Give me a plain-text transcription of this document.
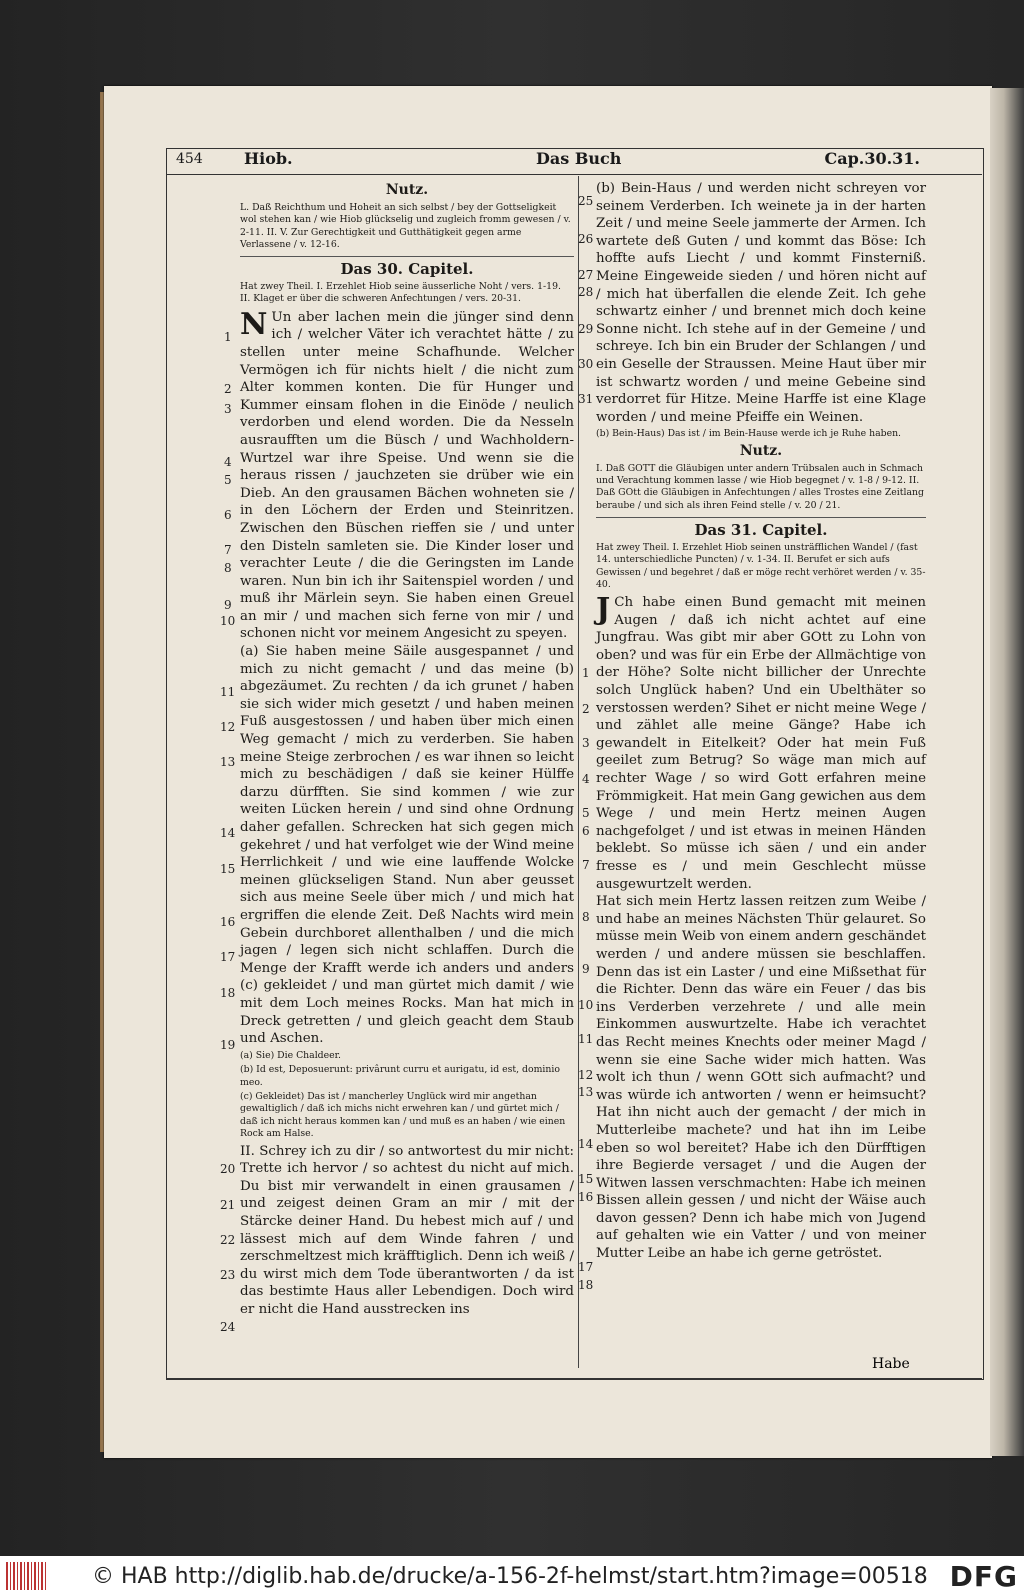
454	Hiob.	Das Buch	Cap.30.31.
1
2
3
4
5
6
7
8
9
10
11
12
13
14
15
16
17
18
19
20
21
22
23
24
25
26
27
28
29
30
31
1
2
3
4
5
6
7
8
9
10
11
12
13
14
15
16
17
18
Nutz.

L. Daß Reichthum und Hoheit an sich selbst / bey der Gottseligkeit wol stehen kan / wie Hiob glückselig und zugleich fromm gewesen / v. 2-11. II. V. Zur Gerechtigkeit und Gutthätigkeit gegen arme Verlassene / v. 12-16.

Das 30. Capitel.

Hat zwey Theil. I. Erzehlet Hiob seine äusserliche Noht / vers. 1-19. II. Klaget er über die schweren Anfechtungen / vers. 20-31.

N Un aber lachen mein die jünger sind denn ich / welcher Väter ich verachtet hätte / zu stellen unter meine Schafhunde. Welcher Vermögen ich für nichts hielt / die nicht zum Alter kommen konten. Die für Hunger und Kummer einsam flohen in die Einöde / neulich verdorben und elend worden. Die da Nesseln ausraufften um die Büsch / und Wachholdern-Wurtzel war ihre Speise. Und wenn sie die heraus rissen / jauchzeten sie drüber wie ein Dieb. An den grausamen Bächen wohneten sie / in den Löchern der Erden und Steinritzen. Zwischen den Büschen rieffen sie / und unter den Disteln samleten sie. Die Kinder loser und verachter Leute / die die Geringsten im Lande waren. Nun bin ich ihr Saitenspiel worden / und muß ihr Märlein seyn. Sie haben einen Greuel an mir / und machen sich ferne von mir / und schonen nicht vor meinem Angesicht zu speyen.

(a) Sie haben meine Säile ausgespannet / und mich zu nicht gemacht / und das meine (b) abgezäumet. Zu rechten / da ich grunet / haben sie sich wider mich gesetzt / und haben meinen Fuß ausgestossen / und haben über mich einen Weg gemacht / mich zu verderben. Sie haben meine Steige zerbrochen / es war ihnen so leicht mich zu beschädigen / daß sie keiner Hülffe darzu dürfften. Sie sind kommen / wie zur weiten Lücken herein / und sind ohne Ordnung daher gefallen. Schrecken hat sich gegen mich gekehret / und hat verfolget wie der Wind meine Herrlichkeit / und wie eine lauffende Wolcke meinen glückseligen Stand. Nun aber geusset sich aus meine Seele über mich / und mich hat ergriffen die elende Zeit. Deß Nachts wird mein Gebein durchboret allenthalben / und die mich jagen / legen sich nicht schlaffen. Durch die Menge der Krafft werde ich anders und anders (c) gekleidet / und man gürtet mich damit / wie mit dem Loch meines Rocks. Man hat mich in Dreck getretten / und gleich geacht dem Staub und Aschen.

(a) Sie) Die Chaldeer.

(b) Id est, Deposuerunt: privârunt curru et aurigatu, id est, dominio meo.

(c) Gekleidet) Das ist / mancherley Unglück wird mir angethan gewaltiglich / daß ich michs nicht erwehren kan / und gürtet mich / daß ich nicht heraus kommen kan / und muß es an haben / wie einen Rock am Halse.

II. Schrey ich zu dir / so antwortest du mir nicht: Trette ich hervor / so achtest du nicht auf mich. Du bist mir verwandelt in einen grausamen / und zeigest deinen Gram an mir / mit der Stärcke deiner Hand. Du hebest mich auf / und lässest mich auf dem Winde fahren / und zerschmeltzest mich kräfftiglich. Denn ich weiß / du wirst mich dem Tode überantworten / da ist das bestimte Haus aller Lebendigen. Doch wird er nicht die Hand ausstrecken ins

(b) Bein-Haus / und werden nicht schreyen vor seinem Verderben. Ich weinete ja in der harten Zeit / und meine Seele jammerte der Armen. Ich wartete deß Guten / und kommt das Böse: Ich hoffte aufs Liecht / und kommt Finsterniß. Meine Eingeweide sieden / und hören nicht auf / mich hat überfallen die elende Zeit. Ich gehe schwartz einher / und brennet mich doch keine Sonne nicht. Ich stehe auf in der Gemeine / und schreye. Ich bin ein Bruder der Schlangen / und ein Geselle der Straussen. Meine Haut über mir ist schwartz worden / und meine Gebeine sind verdorret für Hitze. Meine Harffe ist eine Klage worden / und meine Pfeiffe ein Weinen.

(b) Bein-Haus) Das ist / im Bein-Hause werde ich je Ruhe haben.

Nutz.

I. Daß GOTT die Gläubigen unter andern Trübsalen auch in Schmach und Verachtung kommen lasse / wie Hiob begegnet / v. 1-8 / 9-12. II. Daß GOtt die Gläubigen in Anfechtungen / alles Trostes eine Zeitlang beraube / und sich als ihren Feind stelle / v. 20 / 21.

Das 31. Capitel.

Hat zwey Theil. I. Erzehlet Hiob seinen unsträfflichen Wandel / (fast 14. unterschiedliche Puncten) / v. 1-34. II. Berufet er sich aufs Gewissen / und begehret / daß er möge recht verhöret werden / v. 35-40.

J Ch habe einen Bund gemacht mit meinen Augen / daß ich nicht achtet auf eine Jungfrau. Was gibt mir aber GOtt zu Lohn von oben? und was für ein Erbe der Allmächtige von der Höhe? Solte nicht billicher der Unrechte solch Unglück haben? Und ein Ubelthäter so verstossen werden? Sihet er nicht meine Wege / und zählet alle meine Gänge? Habe ich gewandelt in Eitelkeit? Oder hat mein Fuß geeilet zum Betrug? So wäge man mich auf rechter Wage / so wird Gott erfahren meine Frömmigkeit. Hat mein Gang gewichen aus dem Wege / und mein Hertz meinen Augen nachgefolget / und ist etwas in meinen Händen beklebt. So müsse ich säen / und ein ander fresse es / und mein Geschlecht müsse ausgewurtzelt werden.

Hat sich mein Hertz lassen reitzen zum Weibe / und habe an meines Nächsten Thür gelauret. So müsse mein Weib von einem andern geschändet werden / und andere müssen sie beschlaffen. Denn das ist ein Laster / und eine Mißsethat für die Richter. Denn das wäre ein Feuer / das bis ins Verderben verzehrete / und alle mein Einkommen auswurtzelte. Habe ich verachtet das Recht meines Knechts oder meiner Magd / wenn sie eine Sache wider mich hatten. Was wolt ich thun / wenn GOtt sich aufmacht? und was würde ich antworten / wenn er heimsucht? Hat ihn nicht auch der gemacht / der mich in Mutterleibe machete? und hat ihn im Leibe eben so wol bereitet? Habe ich den Dürfftigen ihre Begierde versaget / und die Augen der Witwen lassen verschmachten: Habe ich meinen Bissen allein gessen / und nicht der Wäise auch davon gessen? Denn ich habe mich von Jugend auf gehalten wie ein Vatter / und von meiner Mutter Leibe an habe ich gerne getröstet.

Habe
© HAB http://diglib.hab.de/drucke/a-156-2f-helmst/start.htm?image=00518 DFG
